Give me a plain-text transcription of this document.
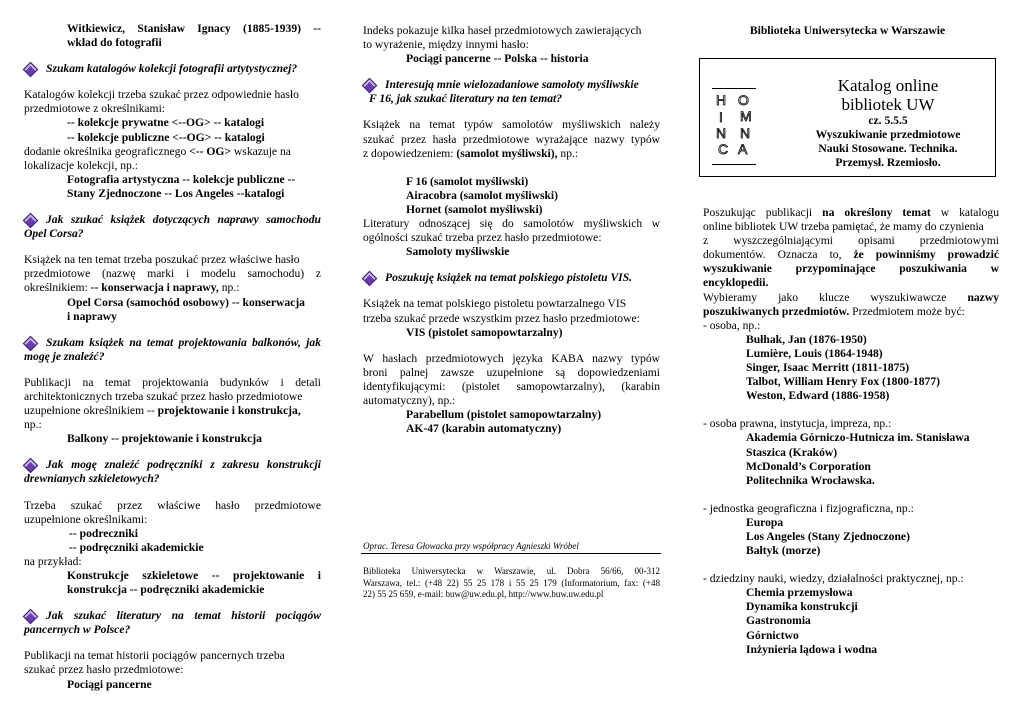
Witkiewicz, Stanisław Ignacy (1885-1939) --

wkład do fotografii

Szukam katalogów kolekcji fotografii artytystycznej?

Katalogów kolekcji trzeba szukać przez odpowiednie hasło

przedmiotowe z określnikami:

-- kolekcje prywatne <--OG> -- katalogi

-- kolekcje publiczne <--OG> -- katalogi

dodanie określnika geograficznego <-- OG> wskazuje na

lokalizacje kolekcji, np.:

Fotografia artystyczna -- kolekcje publiczne --

Stany Zjednoczone -- Los Angeles --katalogi

Jak szukać książek dotyczących naprawy samochodu

Opel Corsa?

Książek na ten temat trzeba poszukać przez właściwe hasło

przedmiotowe (nazwę marki i modelu samochodu) z

określnikiem: -- konserwacja i naprawy, np.:

Opel Corsa (samochód osobowy) -- konserwacja

i naprawy

Szukam książek na temat projektowania balkonów, jak

mogę je znaleźć?

Publikacji na temat projektowania budynków i detali

architektonicznych trzeba szukać przez hasło przedmiotowe

uzupełnione określnikiem -- projektowanie i konstrukcja,

np.:

Balkony -- projektowanie i konstrukcja

Jak mogę znaleźć podręczniki z zakresu konstrukcji

drewnianych szkieletowych?

Trzeba szukać przez właściwe hasło przedmiotowe

uzupełnione określnikami:

-- podreczniki

-- podręczniki akademickie

na przykład:

Konstrukcje szkieletowe -- projektowanie i

konstrukcja -- podręczniki akademickie

Jak szukać literatury na temat historii pociągów

pancernych w Polsce?

Publikacji na temat historii pociągów pancernych trzeba

szukać przez hasło przedmiotowe:

Pociągi pancerne

Indeks pokazuje kilka haseł przedmiotowych zawierających

to wyrażenie, między innymi hasło:

Pociągi pancerne -- Polska -- historia

Interesują mnie wielozadaniowe samoloty myśliwskie

F 16, jak szukać literatury na ten temat?

Książek na temat typów samolotów myśliwskich należy

szukać przez hasła przedmiotowe wyrażające nazwy typów

z dopowiedzeniem: (samolot myśliwski), np.:

F 16 (samolot myśliwski)

Airacobra (samolot myśliwski)

Hornet (samolot myśliwski)

Literatury odnoszącej się do samolotów myśliwskich w

ogólności szukać trzeba przez hasło przedmiotowe:

Samoloty myśliwskie

Poszukuję książek na temat polskiego pistoletu VIS.

Książek na temat polskiego pistoletu powtarzalnego VIS

trzeba szukać przede wszystkim przez hasło przedmiotowe:

VIS (pistolet samopowtarzalny)

W hasłach przedmiotowych języka KABA nazwy typów

broni palnej zawsze uzupełnione są dopowiedzeniami

identyfikującymi: (pistolet samopowtarzalny), (karabin

automatyczny), np.:

Parabellum (pistolet samopowtarzalny)

AK-47 (karabin automatyczny)

Oprac. Teresa Głowacka przy współpracy Agnieszki Wróbel

Biblioteka Uniwersytecka w Warszawie, ul. Dobra 56/66, 00-312

Warszawa, tel.: (+48 22) 55 25 178 i 55 25 179 (Informatorium, fax: (+48

22) 55 25 659, e-mail: buw@uw.edu.pl, http://www.buw.uw.edu.pl

Biblioteka Uniwersytecka w Warszawie

H O
M
I
N N
C A

Katalog online

bibliotek UW

cz. 5.5.5

Wyszukiwanie przedmiotowe

Nauki Stosowane. Technika.

Przemysł. Rzemiosło.

Poszukując publikacji na określony temat w katalogu

online bibliotek UW trzeba pamiętać, że mamy do czynienia

z wyszczególniającymi opisami przedmiotowymi

dokumentów. Oznacza to, że powinniśmy prowadzić

wyszukiwanie przypominające poszukiwania w

encyklopedii.

Wybieramy jako klucze wyszukiwawcze nazwy

poszukiwanych przedmiotów. Przedmiotem może być:

- osoba, np.:

Bułhak, Jan (1876-1950)

Lumière, Louis (1864-1948)

Singer, Isaac Merritt (1811-1875)

Talbot, William Henry Fox (1800-1877)

Weston, Edward (1886-1958)

- osoba prawna, instytucja, impreza, np.:

Akademia Górniczo-Hutnicza im. Stanisława

Staszica (Kraków)

McDonald’s Corporation

Politechnika Wrocławska.

- jednostka geograficzna i fizjograficzna, np.:

Europa

Los Angeles (Stany Zjednoczone)

Bałtyk (morze)

- dziedziny nauki, wiedzy, działalności praktycznej, np.:

Chemia przemysłowa

Dynamika konstrukcji

Gastronomia

Górnictwo

Inżynieria lądowa i wodna
